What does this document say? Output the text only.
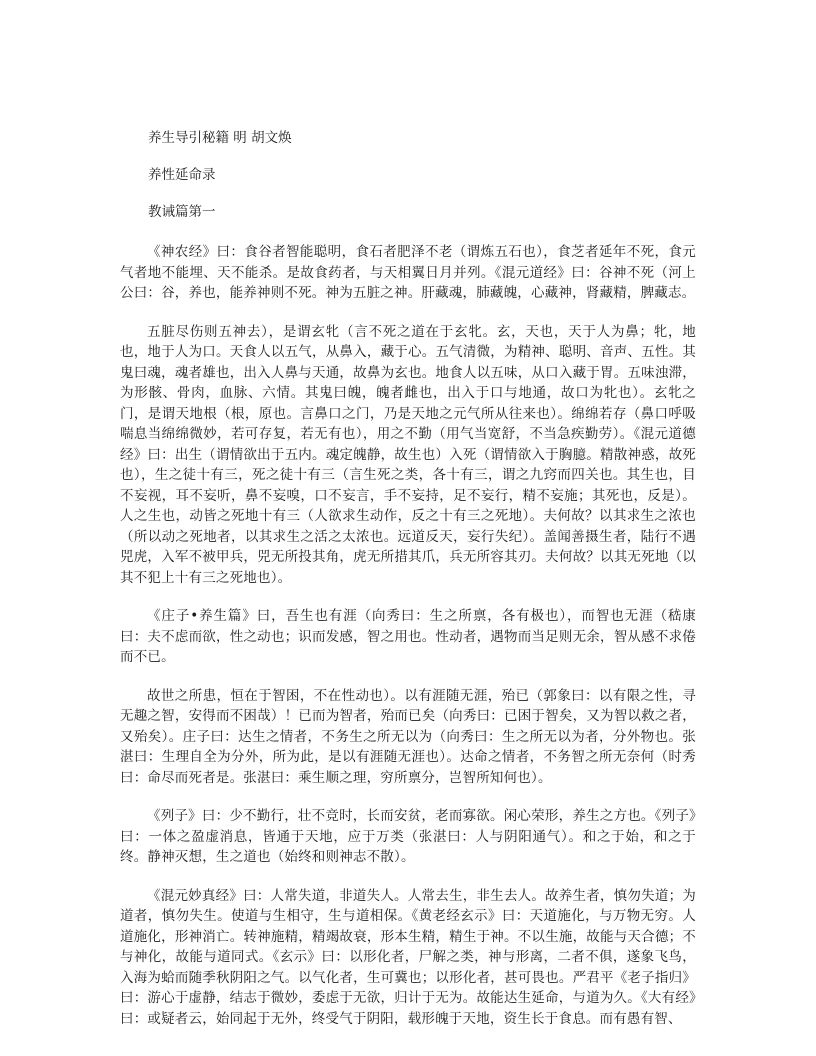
养生导引秘籍 明 胡文焕
养性延命录
教诫篇第一

《神农经》曰：食谷者智能聪明，食石者肥泽不老（谓炼五石也），食芝者延年不死，食元气者地不能埋、天不能杀。是故食药者，与天相翼日月并列。《混元道经》曰：谷神不死（河上公曰：谷，养也，能养神则不死。神为五脏之神。肝藏魂，肺藏魄，心藏神，肾藏精，脾藏志。

五脏尽伤则五神去），是谓玄牝（言不死之道在于玄牝。玄，天也，天于人为鼻；牝，地也，地于人为口。天食人以五气，从鼻入，藏于心。五气清微，为精神、聪明、音声、五性。其鬼曰魂，魂者雄也，出入人鼻与天通，故鼻为玄也。地食人以五味，从口入藏于胃。五味浊滞，为形骸、骨肉，血脉、六情。其鬼曰魄，魄者雌也，出入于口与地通，故口为牝也）。玄牝之门，是谓天地根（根，原也。言鼻口之门，乃是天地之元气所从往来也）。绵绵若存（鼻口呼吸喘息当绵绵微妙，若可存复，若无有也），用之不勤（用气当宽舒，不当急疾勤劳）。《混元道德经》曰：出生（谓情欲出于五内。魂定魄静，故生也）入死（谓情欲入于胸臆。精散神惑，故死也），生之徒十有三，死之徒十有三（言生死之类，各十有三，谓之九窍而四关也。其生也，目不妄视，耳不妄听，鼻不妄嗅，口不妄言，手不妄持，足不妄行，精不妄施；其死也，反是）。人之生也，动皆之死地十有三（人欲求生动作，反之十有三之死地）。夫何故？以其求生之浓也（所以动之死地者，以其求生之活之太浓也。远道反天，妄行失纪）。盖闻善摄生者，陆行不遇兕虎，入军不被甲兵，兕无所投其角，虎无所措其爪，兵无所容其刃。夫何故？以其无死地（以其不犯上十有三之死地也）。

《庄子•养生篇》曰，吾生也有涯（向秀曰：生之所禀，各有极也），而智也无涯（嵇康曰：夫不虑而欲，性之动也；识而发感，智之用也。性动者，遇物而当足则无余，智从感不求倦而不已。

故世之所患，恒在于智困，不在性动也）。以有涯随无涯，殆已（郭象曰：以有限之性，寻无趣之智，安得而不困哉）！已而为智者，殆而已矣（向秀曰：已困于智矣，又为智以救之者，又殆矣）。庄子曰：达生之情者，不务生之所无以为（向秀曰：生之所无以为者，分外物也。张湛曰：生理自全为分外，所为此，是以有涯随无涯也）。达命之情者，不务智之所无奈何（时秀曰：命尽而死者是。张湛曰：乘生顺之理，穷所禀分，岂智所知何也）。

《列子》曰：少不勤行，壮不竞时，长而安贫，老而寡欲。闲心荣形，养生之方也。《列子》曰：一体之盈虚消息，皆通于天地，应于万类（张湛曰：人与阴阳通气）。和之于始，和之于终。静神灭想，生之道也（始终和则神志不散）。

《混元妙真经》曰：人常失道，非道失人。人常去生，非生去人。故养生者，慎勿失道；为道者，慎勿失生。使道与生相守，生与道相保。《黄老经玄示》曰：天道施化，与万物无穷。人道施化，形神消亡。转神施精，精竭故衰，形本生精，精生于神。不以生施，故能与天合德；不与神化，故能与道同式。《玄示》曰：以形化者，尸解之类，神与形离，二者不俱，遂象飞鸟，入海为蛤而随季秋阴阳之气。以气化者，生可冀也；以形化者，甚可畏也。严君平《老子指归》曰：游心于虚静，结志于微妙，委虑于无欲，归计于无为。故能达生延命，与道为久。《大有经》曰：或疑者云，始同起于无外，终受气于阴阳，载形魄于天地，资生长于食息。而有愚有智、
